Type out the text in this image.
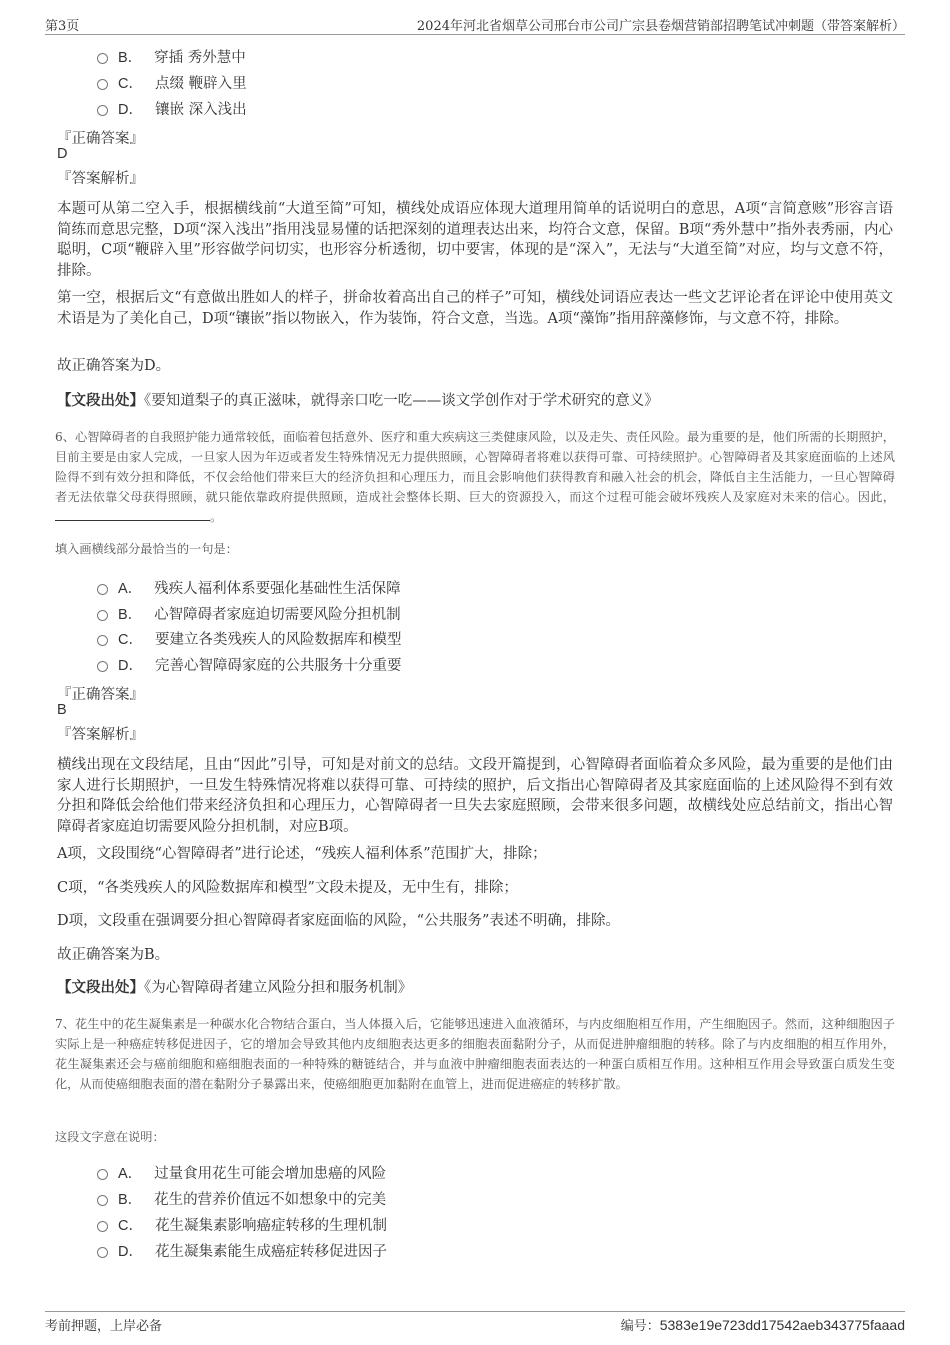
第3页	2024年河北省烟草公司邢台市公司广宗县卷烟营销部招聘笔试冲刺题（带答案解析）
B． 穿插 秀外慧中
C． 点缀 鞭辟入里
D． 镶嵌 深入浅出
『正确答案』
D
『答案解析』
本题可从第二空入手，根据横线前“大道至简”可知，横线处成语应体现大道理用简单的话说明白的意思，A项“言简意赅”形容言语简练而意思完整，D项“深入浅出”指用浅显易懂的话把深刻的道理表达出来，均符合文意，保留。B项“秀外慧中”指外表秀丽，内心聪明，C项“鞭辟入里”形容做学问切实，也形容分析透彻，切中要害，体现的是“深入”，无法与“大道至简”对应，均与文意不符，排除。
第一空，根据后文“有意做出胜如人的样子，拼命妆着高出自己的样子”可知，横线处词语应表达一些文艺评论者在评论中使用英文术语是为了美化自己，D项“镶嵌”指以物嵌入，作为装饰，符合文意，当选。A项“藻饰”指用辞藻修饰，与文意不符，排除。
故正确答案为D。
【文段出处】《要知道梨子的真正滋味，就得亲口吃一吃——谈文学创作对于学术研究的意义》
6、心智障碍者的自我照护能力通常较低，面临着包括意外、医疗和重大疾病这三类健康风险，以及走失、责任风险。最为重要的是，他们所需的长期照护，目前主要是由家人完成，一旦家人因为年迈或者发生特殊情况无力提供照顾，心智障碍者将难以获得可靠、可持续照护。心智障碍者及其家庭面临的上述风险得不到有效分担和降低，不仅会给他们带来巨大的经济负担和心理压力，而且会影响他们获得教育和融入社会的机会，降低自主生活能力，一旦心智障碍者无法依靠父母获得照顾，就只能依靠政府提供照顾，造成社会整体长期、巨大的资源投入，而这个过程可能会破坏残疾人及家庭对未来的信心。因此，。
填入画横线部分最恰当的一句是：
A． 残疾人福利体系要强化基础性生活保障
B． 心智障碍者家庭迫切需要风险分担机制
C． 要建立各类残疾人的风险数据库和模型
D． 完善心智障碍家庭的公共服务十分重要
『正确答案』
B
『答案解析』
横线出现在文段结尾，且由“因此”引导，可知是对前文的总结。文段开篇提到，心智障碍者面临着众多风险，最为重要的是他们由家人进行长期照护，一旦发生特殊情况将难以获得可靠、可持续的照护，后文指出心智障碍者及其家庭面临的上述风险得不到有效分担和降低会给他们带来经济负担和心理压力，心智障碍者一旦失去家庭照顾，会带来很多问题，故横线处应总结前文，指出心智障碍者家庭迫切需要风险分担机制，对应B项。
A项，文段围绕“心智障碍者”进行论述，“残疾人福利体系”范围扩大，排除；
C项，“各类残疾人的风险数据库和模型”文段未提及，无中生有，排除；
D项，文段重在强调要分担心智障碍者家庭面临的风险，“公共服务”表述不明确，排除。
故正确答案为B。
【文段出处】《为心智障碍者建立风险分担和服务机制》
7、花生中的花生凝集素是一种碳水化合物结合蛋白，当人体摄入后，它能够迅速进入血液循环，与内皮细胞相互作用，产生细胞因子。然而，这种细胞因子实际上是一种癌症转移促进因子，它的增加会导致其他内皮细胞表达更多的细胞表面黏附分子，从而促进肿瘤细胞的转移。除了与内皮细胞的相互作用外，花生凝集素还会与癌前细胞和癌细胞表面的一种特殊的糖链结合，并与血液中肿瘤细胞表面表达的一种蛋白质相互作用。这种相互作用会导致蛋白质发生变化，从而使癌细胞表面的潜在黏附分子暴露出来，使癌细胞更加黏附在血管上，进而促进癌症的转移扩散。
这段文字意在说明：
A． 过量食用花生可能会增加患癌的风险
B． 花生的营养价值远不如想象中的完美
C． 花生凝集素影响癌症转移的生理机制
D． 花生凝集素能生成癌症转移促进因子
考前押题，上岸必备	编号：5383e19e723dd17542aeb343775faaad
